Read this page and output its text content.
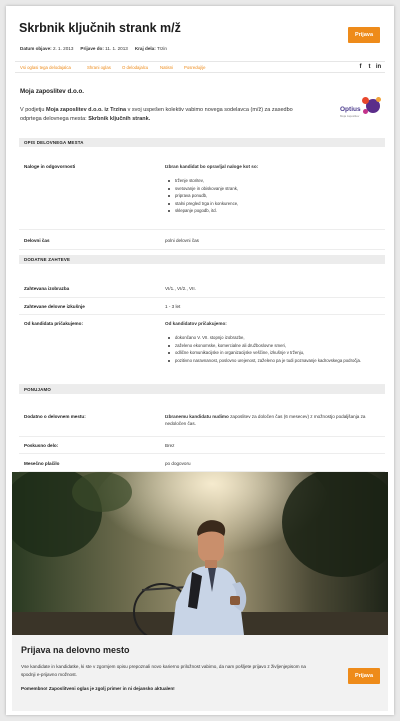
Skrbnik ključnih strank m/ž
Datum objave: 2. 1. 2013 Prijave do: 11. 1. 2013 Kraj dela: Trzin
Prijava
Vsi oglasi tega delodajalca	Shrani oglas	O delodajalcu	Natisni	Posreduj/je	f t in
Moja zaposlitev d.o.o.
V podjetju Moja zaposlitev d.o.o. iz Trzina v svoj uspešen kolektiv vabimo novega sodelavca (m/ž) za zasedbo odprtega delovnega mesta: Skrbnik ključnih strank.
Optius
Moja zaposlitev
OPIS DELOVNEGA MESTA
Naloge in odgovornosti	Izbran kandidat bo opravljal naloge kot so:
trženje storitev,
svetovanje in obiskovanje strank,
priprava ponudb,
stalni pregled trga in konkurence,
sklepanje pogodb, itd.
Delovni čas	polni delovni čas
DODATNE ZAHTEVE
Zahtevana izobrazba	VI/1., VI/2., VII.
Zahtevane delovne izkušnje	1 - 3 let
Od kandidata pričakujemo:	Od kandidatov pričakujemo:
dokončano V. VII. stopnjo izobrazbe,
zaželeno ekonomske, komercialne ali družboslovne smeri,
odlične komunikacijske in organizacijske veščine, izkušnje v trženju,
pozitivno naravnanost, poslovno urejenost, zaželeno pa je tudi poznavanje kadrovskega področja.
PONUJAMO
Dodatno o delovnem mestu:	Izbranemu kandidatu nudimo zaposlitev za določen čas (6 mesecev) z možnostjo podaljšanja za nedoločen čas.
Poskusno delo:	Brez
Mesečno plačilo	po dogovoru
Prijava na delovno mesto
Vse kandidate in kandidatke, ki ste v zgornjem opisu prepoznali novo karierno priložnost vabimo, da nam pošljete prijavo z življenjepisom na spodnji e-prijavno možnost.
Pomembno! Zaposlitveni oglas je zgolj primer in ni dejansko aktualen!
Prijava
